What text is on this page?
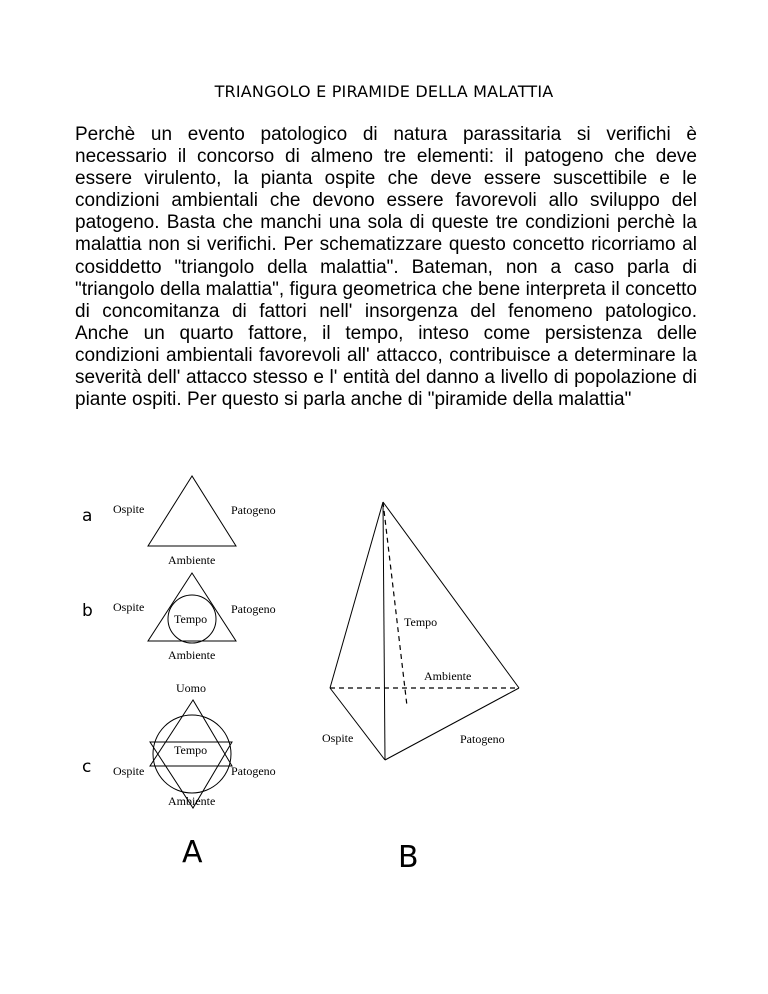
TRIANGOLO E PIRAMIDE DELLA MALATTIA

Perchè un evento patologico di natura parassitaria si verifichi è necessario il concorso di almeno tre elementi: il patogeno che deve essere virulento, la pianta ospite che deve essere suscettibile e le condizioni ambientali che devono essere favorevoli allo sviluppo del patogeno. Basta che manchi una sola di queste tre condizioni perchè la malattia non si verifichi. Per schematizzare questo concetto ricorriamo al cosiddetto "triangolo della malattia". Bateman, non a caso parla di "triangolo della malattia", figura geometrica che bene interpreta il concetto di concomitanza di fattori nell' insorgenza del fenomeno patologico. Anche un quarto fattore, il tempo, inteso come persistenza delle condizioni ambientali favorevoli all' attacco, contribuisce a determinare la severità dell' attacco stesso e l' entità del danno a livello di popolazione di piante ospiti. Per questo si parla anche di "piramide della malattia"

a Ospite	Patogeno
Ambiente
b	Tempo
Ospite	Patogeno
Ambiente
c
Uomo
Tempo
Ospite	Patogeno
Ambiente
A
Tempo
Ambiente
Ospite	Patogeno
B
